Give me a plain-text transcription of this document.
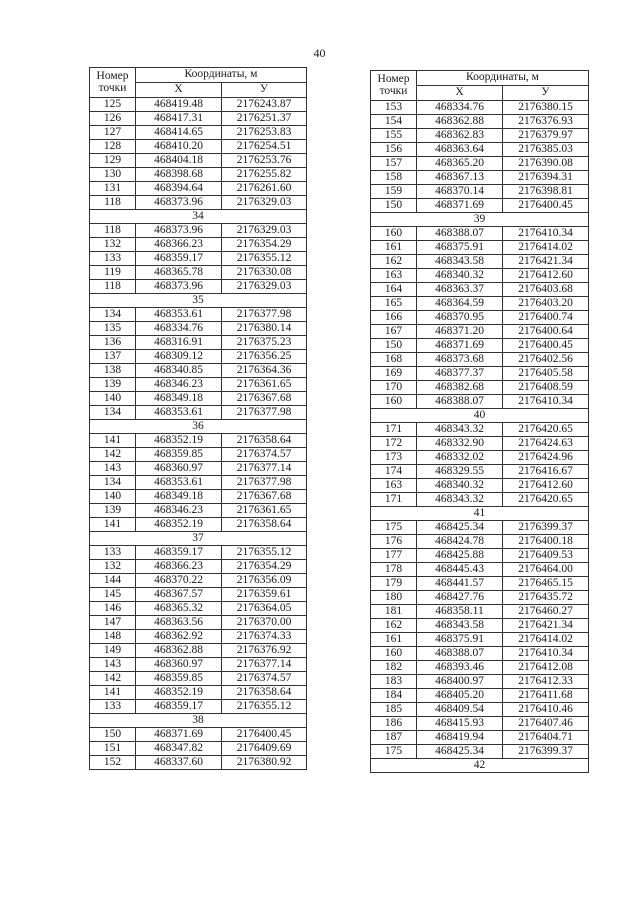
40
Номер
точки	Координаты, м	
	X	У
125	468419.48	2176243.87
126	468417.31	2176251.37
127	468414.65	2176253.83
128	468410.20	2176254.51
129	468404.18	2176253.76
130	468398.68	2176255.82
131	468394.64	2176261.60
118	468373.96	2176329.03
34		
118	468373.96	2176329.03
132	468366.23	2176354.29
133	468359.17	2176355.12
119	468365.78	2176330.08
118	468373.96	2176329.03
35		
134	468353.61	2176377.98
135	468334.76	2176380.14
136	468316.91	2176375.23
137	468309.12	2176356.25
138	468340.85	2176364.36
139	468346.23	2176361.65
140	468349.18	2176367.68
134	468353.61	2176377.98
36		
141	468352.19	2176358.64
142	468359.85	2176374.57
143	468360.97	2176377.14
134	468353.61	2176377.98
140	468349.18	2176367.68
139	468346.23	2176361.65
141	468352.19	2176358.64
37		
133	468359.17	2176355.12
132	468366.23	2176354.29
144	468370.22	2176356.09
145	468367.57	2176359.61
146	468365.32	2176364.05
147	468363.56	2176370.00
148	468362.92	2176374.33
149	468362.88	2176376.92
143	468360.97	2176377.14
142	468359.85	2176374.57
141	468352.19	2176358.64
133	468359.17	2176355.12
38		
150	468371.69	2176400.45
151	468347.82	2176409.69
152	468337.60	2176380.92
Номер
точки	Координаты, м	
	X	У
153	468334.76	2176380.15
154	468362.88	2176376.93
155	468362.83	2176379.97
156	468363.64	2176385.03
157	468365.20	2176390.08
158	468367.13	2176394.31
159	468370.14	2176398.81
150	468371.69	2176400.45
39		
160	468388.07	2176410.34
161	468375.91	2176414.02
162	468343.58	2176421.34
163	468340.32	2176412.60
164	468363.37	2176403.68
165	468364.59	2176403.20
166	468370.95	2176400.74
167	468371.20	2176400.64
150	468371.69	2176400.45
168	468373.68	2176402.56
169	468377.37	2176405.58
170	468382.68	2176408.59
160	468388.07	2176410.34
40		
171	468343.32	2176420.65
172	468332.90	2176424.63
173	468332.02	2176424.96
174	468329.55	2176416.67
163	468340.32	2176412.60
171	468343.32	2176420.65
41		
175	468425.34	2176399.37
176	468424.78	2176400.18
177	468425.88	2176409.53
178	468445.43	2176464.00
179	468441.57	2176465.15
180	468427.76	2176435.72
181	468358.11	2176460.27
162	468343.58	2176421.34
161	468375.91	2176414.02
160	468388.07	2176410.34
182	468393.46	2176412.08
183	468400.97	2176412.33
184	468405.20	2176411.68
185	468409.54	2176410.46
186	468415.93	2176407.46
187	468419.94	2176404.71
175	468425.34	2176399.37
42		
